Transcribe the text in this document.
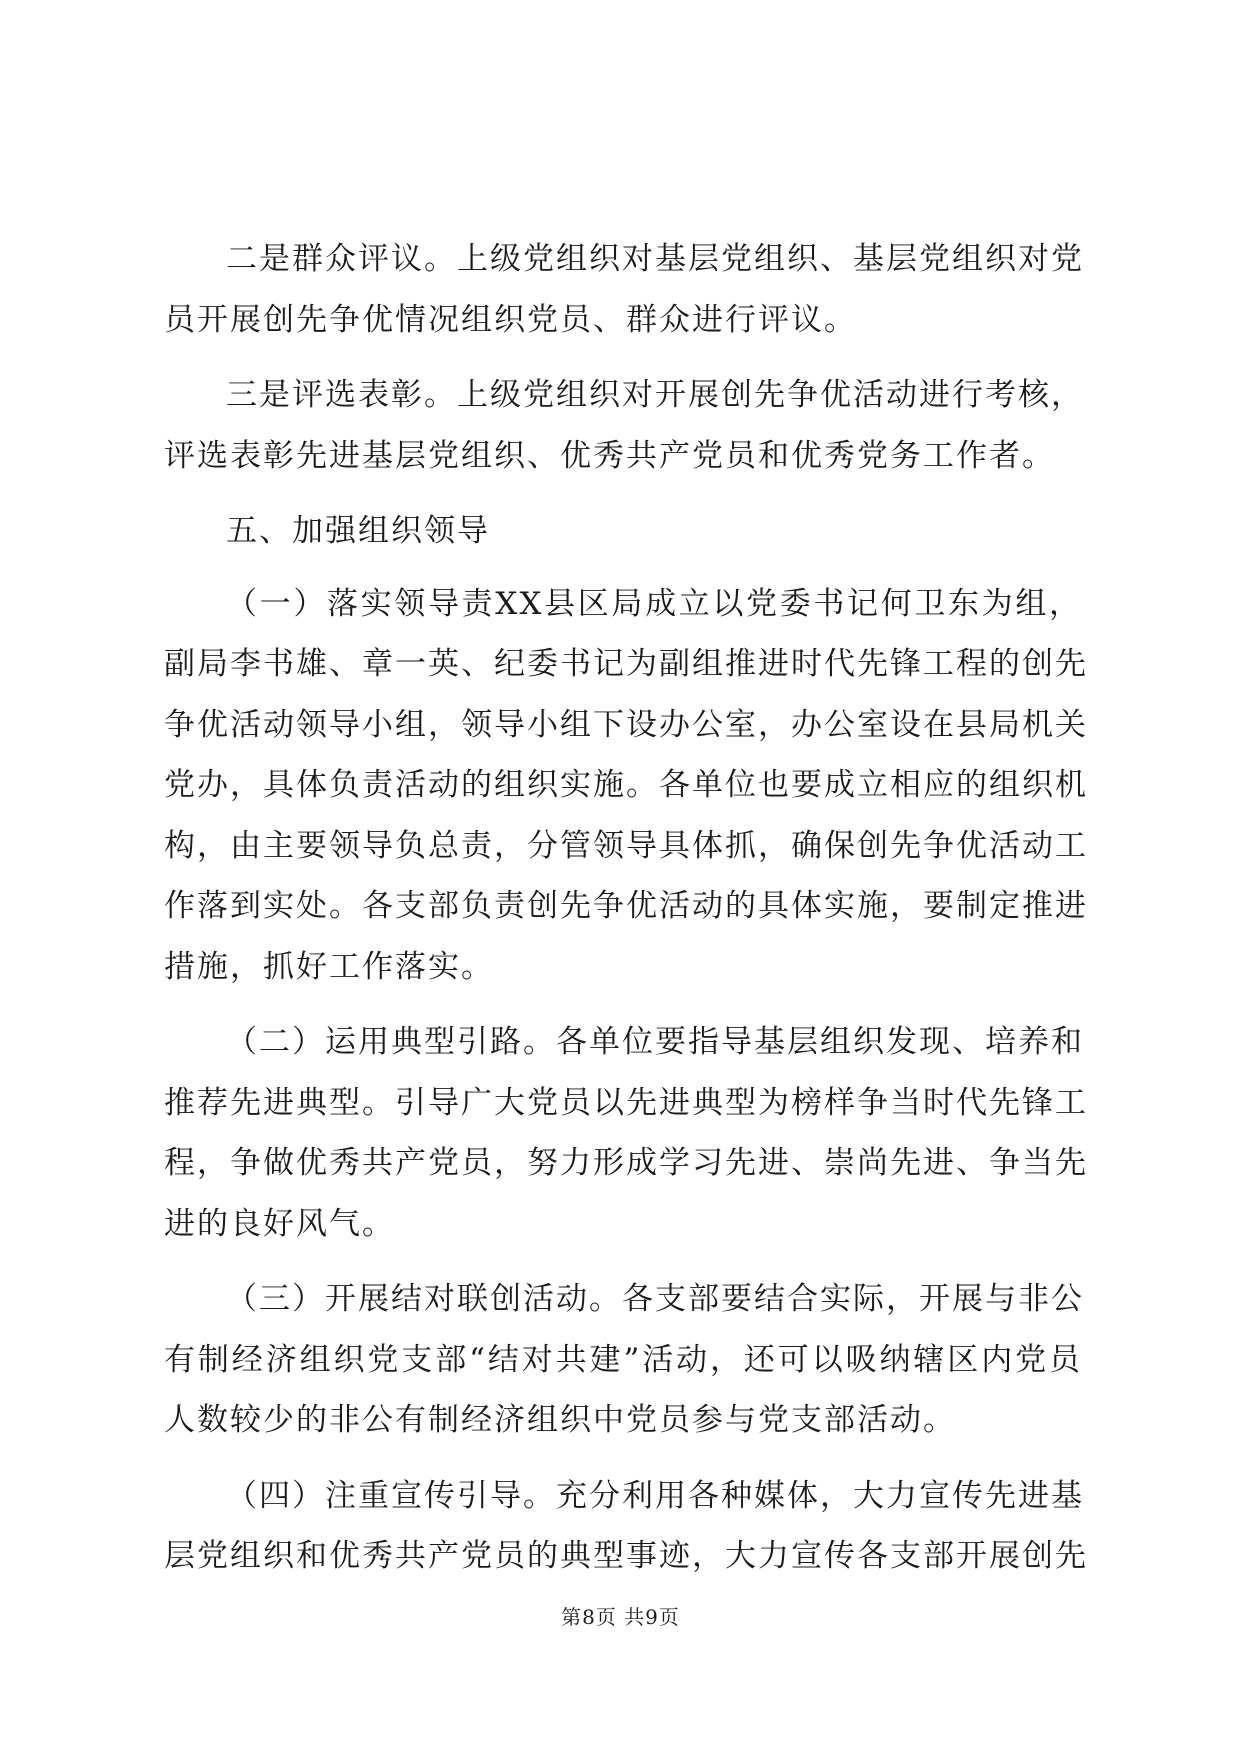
二是群众评议。上级党组织对基层党组织、基层党组织对党
员开展创先争优情况组织党员、群众进行评议。

三是评选表彰。上级党组织对开展创先争优活动进行考核，
评选表彰先进基层党组织、优秀共产党员和优秀党务工作者。

五、加强组织领导

（一）落实领导责XX县区局成立以党委书记何卫东为组，
副局李书雄、章一英、纪委书记为副组推进时代先锋工程的创先
争优活动领导小组，领导小组下设办公室，办公室设在县局机关
党办，具体负责活动的组织实施。各单位也要成立相应的组织机
构，由主要领导负总责，分管领导具体抓，确保创先争优活动工
作落到实处。各支部负责创先争优活动的具体实施，要制定推进
措施，抓好工作落实。

（二）运用典型引路。各单位要指导基层组织发现、培养和
推荐先进典型。引导广大党员以先进典型为榜样争当时代先锋工
程，争做优秀共产党员，努力形成学习先进、崇尚先进、争当先
进的良好风气。

（三）开展结对联创活动。各支部要结合实际，开展与非公
有制经济组织党支部“结对共建”活动，还可以吸纳辖区内党员
人数较少的非公有制经济组织中党员参与党支部活动。

（四）注重宣传引导。充分利用各种媒体，大力宣传先进基
层党组织和优秀共产党员的典型事迹，大力宣传各支部开展创先

第8页 共9页
